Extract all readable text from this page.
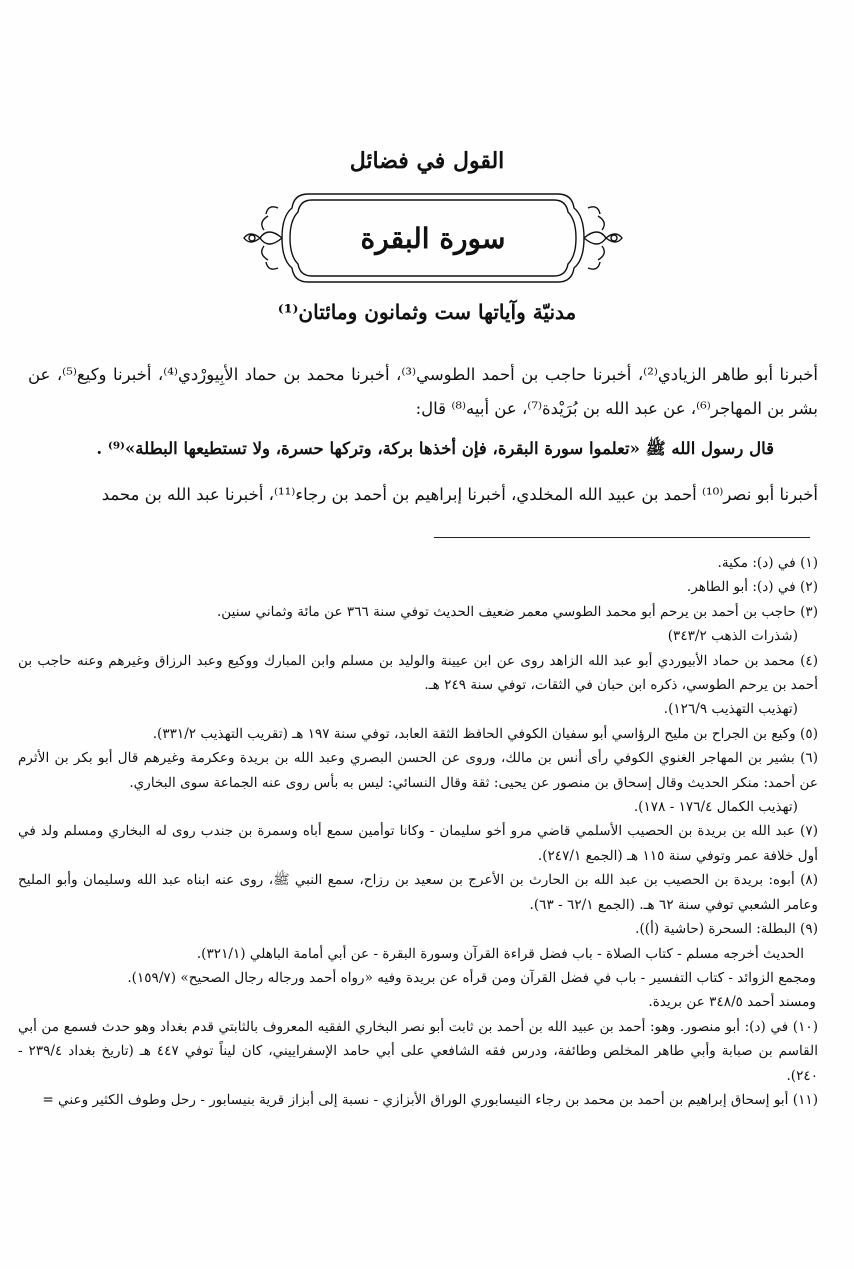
القول في فضائل
سورة البقرة
مدنيّة وآياتها ست وثمانون ومائتان⁽¹⁾
أخبرنا أبو طاهر الزيادي⁽²⁾، أخبرنا حاجب بن أحمد الطوسي⁽³⁾، أخبرنا محمد بن حماد الأبِيورْدي⁽⁴⁾، أخبرنا وكيع⁽⁵⁾، عن بشر بن المهاجر⁽⁶⁾، عن عبد الله بن بُرَيْدة⁽⁷⁾، عن أبيه⁽⁸⁾ قال:
قال رسول الله ﷺ «تعلموا سورة البقرة، فإن أخذها بركة، وتركها حسرة، ولا تستطيعها البطلة»⁽⁹⁾ .
أخبرنا أبو نصر⁽¹⁰⁾ أحمد بن عبيد الله المخلدي، أخبرنا إبراهيم بن أحمد بن رجاء⁽¹¹⁾، أخبرنا عبد الله بن محمد
(١) في (د): مكية.
(٢) في (د): أبو الطاهر.
(٣) حاجب بن أحمد بن يرحم أبو محمد الطوسي معمر ضعيف الحديث توفي سنة ٣٦٦ عن مائة وثماني سنين.
(شذرات الذهب ٣٤٣/٢)
(٤) محمد بن حماد الأبيوردي أبو عبد الله الزاهد روى عن ابن عيينة والوليد بن مسلم وابن المبارك ووكيع وعبد الرزاق وغيرهم وعنه حاجب بن أحمد بن يرحم الطوسي، ذكره ابن حبان في الثقات، توفي سنة ٢٤٩ هـ.
(تهذيب التهذيب ١٢٦/٩).
(٥) وكيع بن الجراح بن مليح الرؤاسي أبو سفيان الكوفي الحافظ الثقة العابد، توفي سنة ١٩٧ هـ (تقريب التهذيب ٣٣١/٢).
(٦) بشير بن المهاجر الغنوي الكوفي رأى أنس بن مالك، وروى عن الحسن البصري وعبد الله بن بريدة وعكرمة وغيرهم قال أبو بكر بن الأثرم عن أحمد: منكر الحديث وقال إسحاق بن منصور عن يحيى: ثقة وقال النسائي: ليس به بأس روى عنه الجماعة سوى البخاري.
(تهذيب الكمال ١٧٦/٤ - ١٧٨).
(٧) عبد الله بن بريدة بن الحصيب الأسلمي قاضي مرو أخو سليمان - وكانا توأمين سمع أباه وسمرة بن جندب روى له البخاري ومسلم ولد في أول خلافة عمر وتوفي سنة ١١٥ هـ (الجمع ٢٤٧/١).
(٨) أبوه: بريدة بن الحصيب بن عبد الله بن الحارث بن الأعرج بن سعيد بن رزاح، سمع النبي ﷺ، روى عنه ابناه عبد الله وسليمان وأبو المليح وعامر الشعبي توفي سنة ٦٢ هـ. (الجمع ٦٢/١ - ٦٣).
(٩) البطلة: السحرة (حاشية (أ)).
الحديث أخرجه مسلم - كتاب الصلاة - باب فضل قراءة القرآن وسورة البقرة - عن أبي أمامة الباهلي (٣٢١/١).
ومجمع الزوائد - كتاب التفسير - باب في فضل القرآن ومن قرأه عن بريدة وفيه «رواه أحمد ورجاله رجال الصحيح» (١٥٩/٧).
ومسند أحمد ٣٤٨/٥ عن بريدة.
(١٠) في (د): أبو منصور. وهو: أحمد بن عبيد الله بن أحمد بن ثابت أبو نصر البخاري الفقيه المعروف بالثابتي قدم بغداد وهو حدث فسمع من أبي القاسم بن صبابة وأبي طاهر المخلص وطائفة، ودرس فقه الشافعي على أبي حامد الإسفراييني، كان ليناً توفي ٤٤٧ هـ (تاريخ بغداد ٢٣٩/٤ - ٢٤٠).
(١١) أبو إسحاق إبراهيم بن أحمد بن محمد بن رجاء النيسابوري الوراق الأبزازي - نسبة إلى أبزاز قرية بنيسابور - رحل وطوف الكثير وعني =
